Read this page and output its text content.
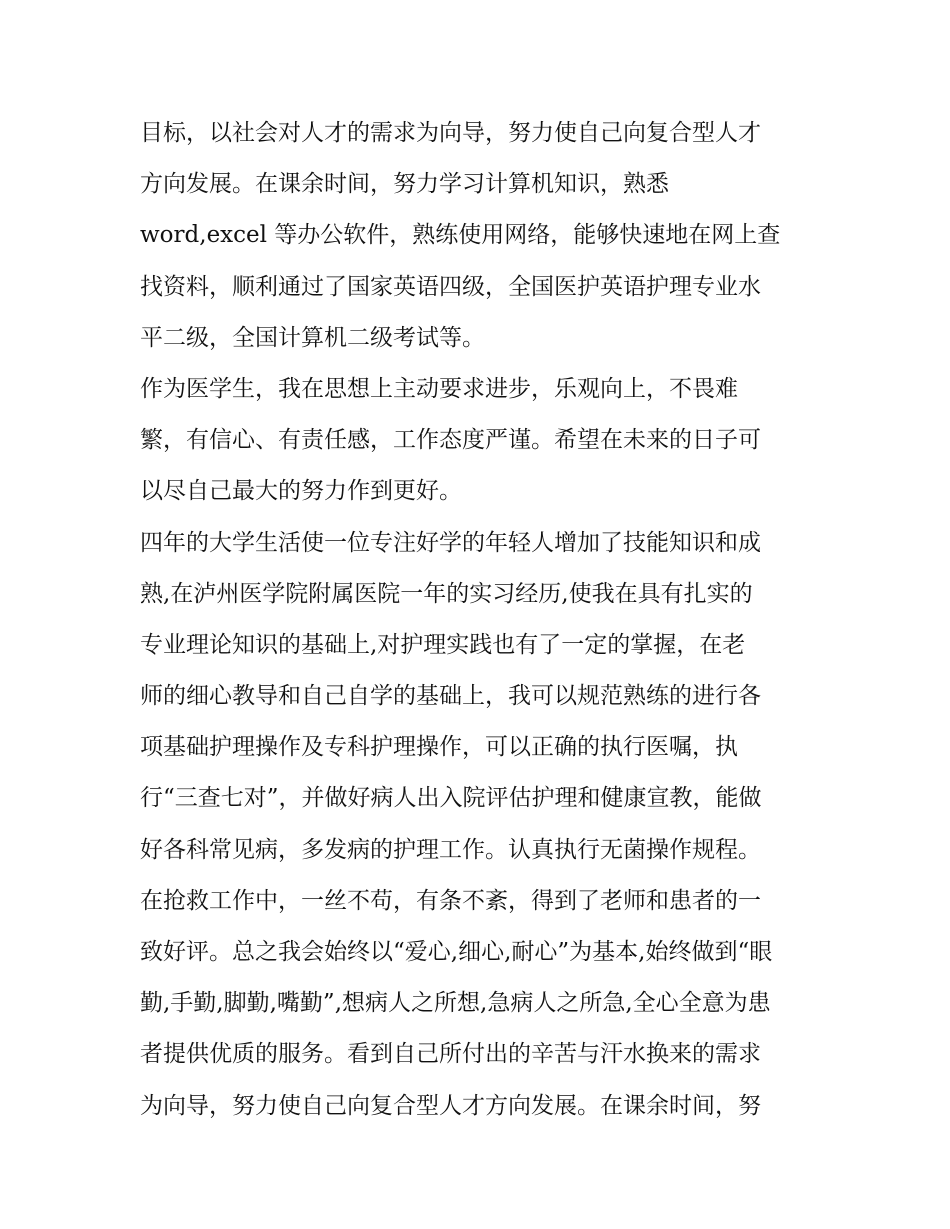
目标，以社会对人才的需求为向导，努力使自己向复合型人才
方向发展。在课余时间，努力学习计算机知识，熟悉
word,excel 等办公软件，熟练使用网络，能够快速地在网上查
找资料，顺利通过了国家英语四级，全国医护英语护理专业水
平二级，全国计算机二级考试等。
作为医学生，我在思想上主动要求进步，乐观向上，不畏难
繁，有信心、有责任感，工作态度严谨。希望在未来的日子可
以尽自己最大的努力作到更好。
四年的大学生活使一位专注好学的年轻人增加了技能知识和成
熟,在泸州医学院附属医院一年的实习经历,使我在具有扎实的
专业理论知识的基础上,对护理实践也有了一定的掌握，在老
师的细心教导和自己自学的基础上，我可以规范熟练的进行各
项基础护理操作及专科护理操作，可以正确的执行医嘱，执
行“三查七对”，并做好病人出入院评估护理和健康宣教，能做
好各科常见病，多发病的护理工作。认真执行无菌操作规程。
在抢救工作中，一丝不苟，有条不紊，得到了老师和患者的一
致好评。总之我会始终以“爱心,细心,耐心”为基本,始终做到“眼
勤,手勤,脚勤,嘴勤”,想病人之所想,急病人之所急,全心全意为患
者提供优质的服务。看到自己所付出的辛苦与汗水换来的需求
为向导，努力使自己向复合型人才方向发展。在课余时间，努
